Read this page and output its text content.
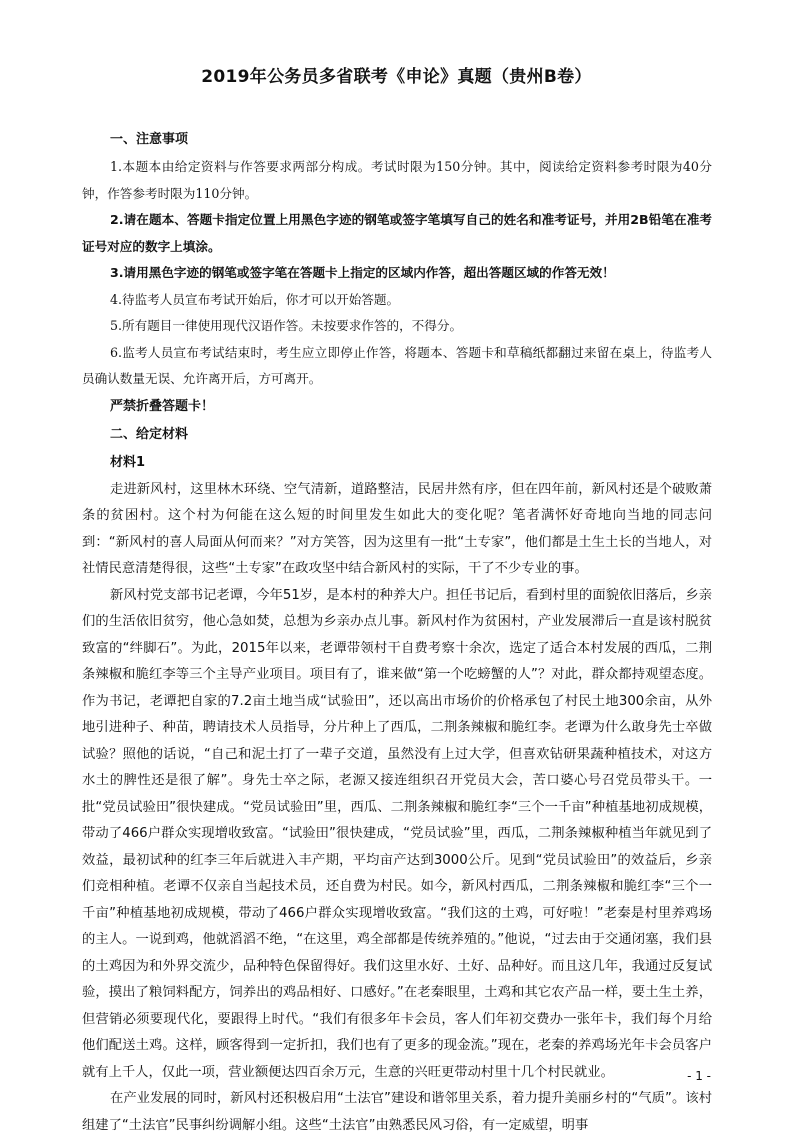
2019年公务员多省联考《申论》真题（贵州B卷）
一、注意事项

1.本题本由给定资料与作答要求两部分构成。考试时限为150分钟。其中，阅读给定资料参考时限为40分钟，作答参考时限为110分钟。

2.请在题本、答题卡指定位置上用黑色字迹的钢笔或签字笔填写自己的姓名和准考证号，并用2B铅笔在准考证号对应的数字上填涂。

3.请用黑色字迹的钢笔或签字笔在答题卡上指定的区域内作答，超出答题区域的作答无效！

4.待监考人员宣布考试开始后，你才可以开始答题。

5.所有题目一律使用现代汉语作答。未按要求作答的，不得分。

6.监考人员宣布考试结束时，考生应立即停止作答，将题本、答题卡和草稿纸都翻过来留在桌上，待监考人员确认数量无误、允许离开后，方可离开。

严禁折叠答题卡！
二、给定材料
材料1

走进新风村，这里林木环绕、空气清新，道路整洁，民居井然有序，但在四年前，新风村还是个破败萧条的贫困村。这个村为何能在这么短的时间里发生如此大的变化呢？笔者满怀好奇地向当地的同志问到：“新风村的喜人局面从何而来？”对方笑答，因为这里有一批“土专家”，他们都是土生土长的当地人，对社情民意清楚得很，这些“土专家”在政攻坚中结合新风村的实际，干了不少专业的事。

新风村党支部书记老谭，今年51岁，是本村的种养大户。担任书记后，看到村里的面貌依旧落后，乡亲们的生活依旧贫穷，他心急如焚，总想为乡亲办点儿事。新风村作为贫困村，产业发展滞后一直是该村脱贫致富的“绊脚石”。为此，2015年以来，老谭带领村干自费考察十余次，选定了适合本村发展的西瓜，二荆条辣椒和脆红李等三个主导产业项目。项目有了，谁来做“第一个吃螃蟹的人”？对此，群众都持观望态度。作为书记，老谭把自家的7.2亩土地当成“试验田”，还以高出市场价的价格承包了村民土地300余亩，从外地引进种子、种苗，聘请技术人员指导，分片种上了西瓜，二荆条辣椒和脆红李。老谭为什么敢身先士卒做试验？照他的话说，“自己和泥土打了一辈子交道，虽然没有上过大学，但喜欢钻研果蔬种植技术，对这方水土的脾性还是很了解”。身先士卒之际，老源又接连组织召开党员大会，苦口婆心号召党员带头干。一批“党员试验田”很快建成。“党员试验田”里，西瓜、二荆条辣椒和脆红李“三个一千亩”种植基地初成规模，带动了466户群众实现增收致富。“试验田”很快建成，“党员试验”里，西瓜，二荆条辣椒种植当年就见到了效益，最初试种的红李三年后就进入丰产期，平均亩产达到3000公斤。见到“党员试验田”的效益后，乡亲们竞相种植。老谭不仅亲自当起技术员，还自费为村民。如今，新风村西瓜，二荆条辣椒和脆红李“三个一千亩”种植基地初成规模，带动了466户群众实现增收致富。“我们这的土鸡，可好啦！”老秦是村里养鸡场的主人。一说到鸡，他就滔滔不绝，“在这里，鸡全部都是传统养殖的。”他说，“过去由于交通闭塞，我们县的土鸡因为和外界交流少，品种特色保留得好。我们这里水好、土好、品种好。而且这几年，我通过反复试验，摸出了粮饲料配方，饲养出的鸡品相好、口感好。”在老秦眼里，土鸡和其它农产品一样，要土生土养，但营销必须要现代化，要跟得上时代。“我们有很多年卡会员，客人们年初交费办一张年卡，我们每个月给他们配送土鸡。这样，顾客得到一定折扣，我们也有了更多的现金流。”现在，老秦的养鸡场光年卡会员客户就有上千人，仅此一项，营业额便达四百余万元，生意的兴旺更带动村里十几个村民就业。

在产业发展的同时，新风村还积极启用“土法官”建设和谐邻里关系，着力提升美丽乡村的“气质”。该村组建了“土法官”民事纠纷调解小组。这些“土法官”由熟悉民风习俗，有一定威望，明事

- 1 -
